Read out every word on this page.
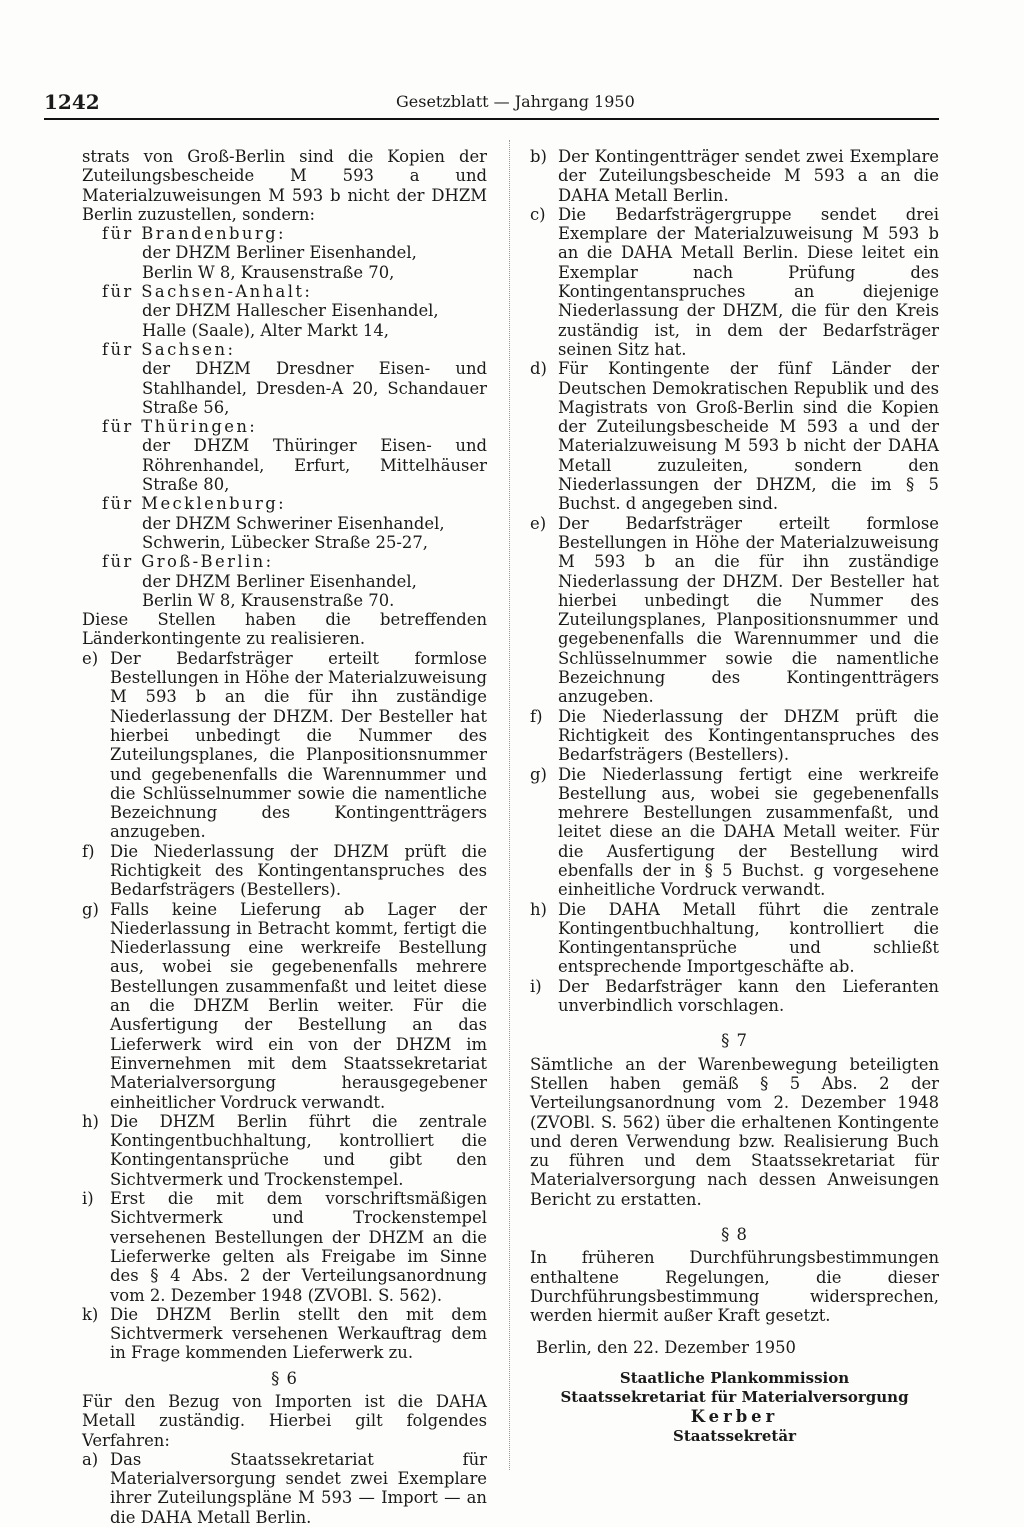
1242	Gesetzblatt — Jahrgang 1950

strats von Groß-Berlin sind die Kopien der Zuteilungsbescheide M 593 a und Materialzuweisungen M 593 b nicht der DHZM Berlin zuzustellen, sondern:

für Brandenburg:

der DHZM Berliner Eisenhandel,

Berlin W 8, Krausenstraße 70,

für Sachsen-Anhalt:

der DHZM Hallescher Eisenhandel,

Halle (Saale), Alter Markt 14,

für Sachsen:

der DHZM Dresdner Eisen- und Stahlhandel, Dresden-A 20, Schandauer Straße 56,

für Thüringen:

der DHZM Thüringer Eisen- und Röhrenhandel, Erfurt, Mittelhäuser Straße 80,

für Mecklenburg:

der DHZM Schweriner Eisenhandel,

Schwerin, Lübecker Straße 25-27,

für Groß-Berlin:

der DHZM Berliner Eisenhandel,

Berlin W 8, Krausenstraße 70.

Diese Stellen haben die betreffenden Länderkontingente zu realisieren.

e) Der Bedarfsträger erteilt formlose Bestellungen in Höhe der Materialzuweisung M 593 b an die für ihn zuständige Niederlassung der DHZM. Der Besteller hat hierbei unbedingt die Nummer des Zuteilungsplanes, die Planpositionsnummer und gegebenenfalls die Warennummer und die Schlüsselnummer sowie die namentliche Bezeichnung des Kontingentträgers anzugeben.
f) Die Niederlassung der DHZM prüft die Richtigkeit des Kontingentanspruches des Bedarfsträgers (Bestellers).
g) Falls keine Lieferung ab Lager der Niederlassung in Betracht kommt, fertigt die Niederlassung eine werkreife Bestellung aus, wobei sie gegebenenfalls mehrere Bestellungen zusammenfaßt und leitet diese an die DHZM Berlin weiter. Für die Ausfertigung der Bestellung an das Lieferwerk wird ein von der DHZM im Einvernehmen mit dem Staatssekretariat Materialversorgung herausgegebener einheitlicher Vordruck verwandt.
h) Die DHZM Berlin führt die zentrale Kontingentbuchhaltung, kontrolliert die Kontingentansprüche und gibt den Sichtvermerk und Trockenstempel.
i) Erst die mit dem vorschriftsmäßigen Sichtvermerk und Trockenstempel versehenen Bestellungen der DHZM an die Lieferwerke gelten als Freigabe im Sinne des § 4 Abs. 2 der Verteilungsanordnung vom 2. Dezember 1948 (ZVOBl. S. 562).
k) Die DHZM Berlin stellt den mit dem Sichtvermerk versehenen Werkauftrag dem in Frage kommenden Lieferwerk zu.

§ 6

Für den Bezug von Importen ist die DAHA Metall zuständig. Hierbei gilt folgendes Verfahren:

a) Das Staatssekretariat für Materialversorgung sendet zwei Exemplare ihrer Zuteilungspläne M 593 — Import — an die DAHA Metall Berlin.
b) Der Kontingentträger sendet zwei Exemplare der Zuteilungsbescheide M 593 a an die DAHA Metall Berlin.
c) Die Bedarfsträgergruppe sendet drei Exemplare der Materialzuweisung M 593 b an die DAHA Metall Berlin. Diese leitet ein Exemplar nach Prüfung des Kontingentanspruches an diejenige Niederlassung der DHZM, die für den Kreis zuständig ist, in dem der Bedarfsträger seinen Sitz hat.
d) Für Kontingente der fünf Länder der Deutschen Demokratischen Republik und des Magistrats von Groß-Berlin sind die Kopien der Zuteilungsbescheide M 593 a und der Materialzuweisung M 593 b nicht der DAHA Metall zuzuleiten, sondern den Niederlassungen der DHZM, die im § 5 Buchst. d angegeben sind.
e) Der Bedarfsträger erteilt formlose Bestellungen in Höhe der Materialzuweisung M 593 b an die für ihn zuständige Niederlassung der DHZM. Der Besteller hat hierbei unbedingt die Nummer des Zuteilungsplanes, Planpositionsnummer und gegebenenfalls die Warennummer und die Schlüsselnummer sowie die namentliche Bezeichnung des Kontingentträgers anzugeben.
f) Die Niederlassung der DHZM prüft die Richtigkeit des Kontingentanspruches des Bedarfsträgers (Bestellers).
g) Die Niederlassung fertigt eine werkreife Bestellung aus, wobei sie gegebenenfalls mehrere Bestellungen zusammenfaßt, und leitet diese an die DAHA Metall weiter. Für die Ausfertigung der Bestellung wird ebenfalls der in § 5 Buchst. g vorgesehene einheitliche Vordruck verwandt.
h) Die DAHA Metall führt die zentrale Kontingentbuchhaltung, kontrolliert die Kontingentansprüche und schließt entsprechende Importgeschäfte ab.
i) Der Bedarfsträger kann den Lieferanten unverbindlich vorschlagen.

§ 7

Sämtliche an der Warenbewegung beteiligten Stellen haben gemäß § 5 Abs. 2 der Verteilungsanordnung vom 2. Dezember 1948 (ZVOBl. S. 562) über die erhaltenen Kontingente und deren Verwendung bzw. Realisierung Buch zu führen und dem Staatssekretariat für Materialversorgung nach dessen Anweisungen Bericht zu erstatten.

§ 8

In früheren Durchführungsbestimmungen enthaltene Regelungen, die dieser Durchführungsbestimmung widersprechen, werden hiermit außer Kraft gesetzt.

Berlin, den 22. Dezember 1950

Staatliche Plankommission

Staatssekretariat für Materialversorgung

Kerber

Staatssekretär
